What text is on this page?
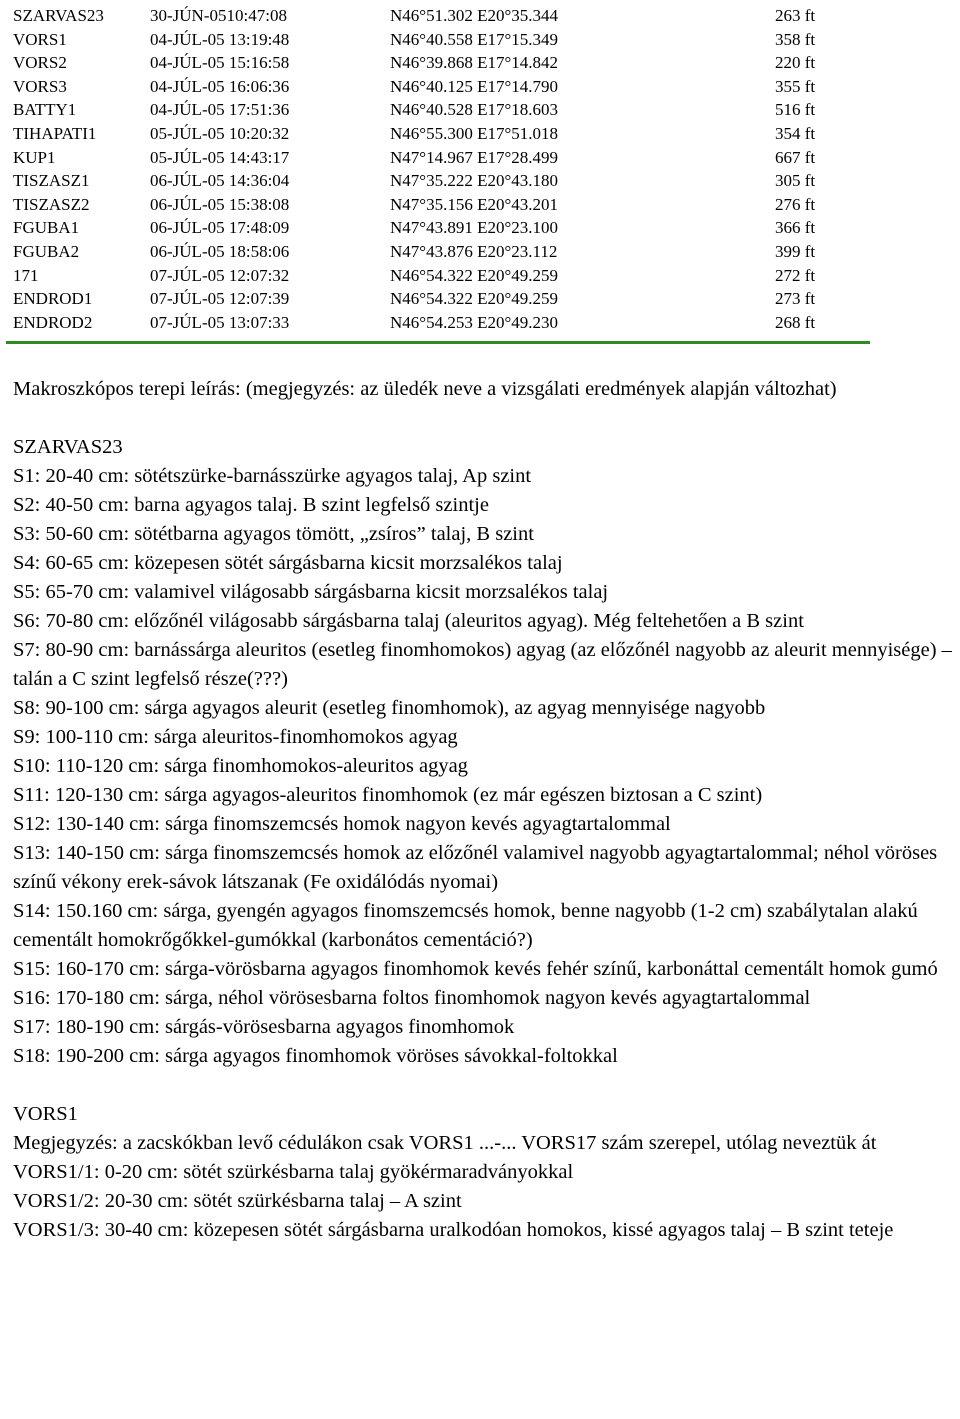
SZARVAS23	30-JÚN-0510:47:08	N46°51.302 E20°35.344	263 ft
VORS1	04-JÚL-05 13:19:48	N46°40.558 E17°15.349	358 ft
VORS2	04-JÚL-05 15:16:58	N46°39.868 E17°14.842	220 ft
VORS3	04-JÚL-05 16:06:36	N46°40.125 E17°14.790	355 ft
BATTY1	04-JÚL-05 17:51:36	N46°40.528 E17°18.603	516 ft
TIHAPATI1	05-JÚL-05 10:20:32	N46°55.300 E17°51.018	354 ft
KUP1	05-JÚL-05 14:43:17	N47°14.967 E17°28.499	667 ft
TISZASZ1	06-JÚL-05 14:36:04	N47°35.222 E20°43.180	305 ft
TISZASZ2	06-JÚL-05 15:38:08	N47°35.156 E20°43.201	276 ft
FGUBA1	06-JÚL-05 17:48:09	N47°43.891 E20°23.100	366 ft
FGUBA2	06-JÚL-05 18:58:06	N47°43.876 E20°23.112	399 ft
171	07-JÚL-05 12:07:32	N46°54.322 E20°49.259	272 ft
ENDROD1	07-JÚL-05 12:07:39	N46°54.322 E20°49.259	273 ft
ENDROD2	07-JÚL-05 13:07:33	N46°54.253 E20°49.230	268 ft

Makroszkópos terepi leírás: (megjegyzés: az üledék neve a vizsgálati eredmények alapján változhat)

SZARVAS23

S1: 20-40 cm: sötétszürke-barnásszürke agyagos talaj, Ap szint

S2: 40-50 cm: barna agyagos talaj. B szint legfelső szintje

S3: 50-60 cm: sötétbarna agyagos tömött, „zsíros” talaj, B szint

S4: 60-65 cm: közepesen sötét sárgásbarna kicsit morzsalékos talaj

S5: 65-70 cm: valamivel világosabb sárgásbarna kicsit morzsalékos talaj

S6: 70-80 cm: előzőnél világosabb sárgásbarna talaj (aleuritos agyag). Még feltehetően a B szint

S7: 80-90 cm: barnássárga aleuritos (esetleg finomhomokos) agyag (az előzőnél nagyobb az aleurit mennyisége) – talán a C szint legfelső része(???)

S8: 90-100 cm: sárga agyagos aleurit (esetleg finomhomok), az agyag mennyisége nagyobb

S9: 100-110 cm: sárga aleuritos-finomhomokos agyag

S10: 110-120 cm: sárga finomhomokos-aleuritos agyag

S11: 120-130 cm: sárga agyagos-aleuritos finomhomok (ez már egészen biztosan a C szint)

S12: 130-140 cm: sárga finomszemcsés homok nagyon kevés agyagtartalommal

S13: 140-150 cm: sárga finomszemcsés homok az előzőnél valamivel nagyobb agyagtartalommal; néhol vöröses színű vékony erek-sávok látszanak (Fe oxidálódás nyomai)

S14: 150.160 cm: sárga, gyengén agyagos finomszemcsés homok, benne nagyobb (1-2 cm) szabálytalan alakú cementált homokrőgőkkel-gumókkal (karbonátos cementáció?)

S15: 160-170 cm: sárga-vörösbarna agyagos finomhomok kevés fehér színű, karbonáttal cementált homok gumó

S16: 170-180 cm: sárga, néhol vörösesbarna foltos finomhomok nagyon kevés agyagtartalommal

S17: 180-190 cm: sárgás-vörösesbarna agyagos finomhomok

S18: 190-200 cm: sárga agyagos finomhomok vöröses sávokkal-foltokkal

VORS1

Megjegyzés: a zacskókban levő cédulákon csak VORS1 ...-... VORS17 szám szerepel, utólag neveztük át

VORS1/1: 0-20 cm: sötét szürkésbarna talaj gyökérmaradványokkal

VORS1/2: 20-30 cm: sötét szürkésbarna talaj – A szint

VORS1/3: 30-40 cm: közepesen sötét sárgásbarna uralkodóan homokos, kissé agyagos talaj – B szint teteje
